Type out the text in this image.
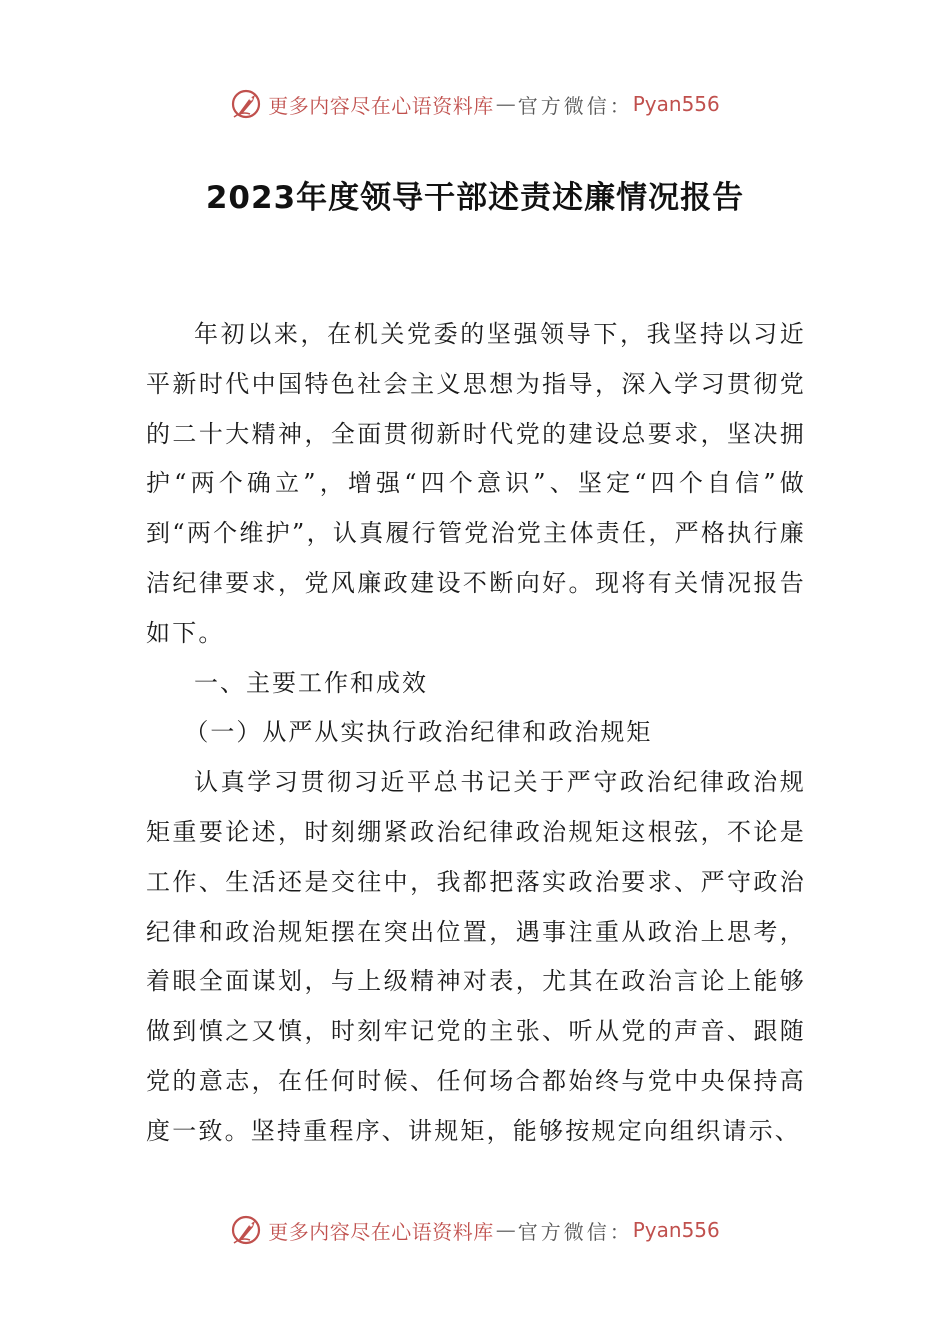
更多内容尽在心语资料库 — 官方微信： Pyan556
2023年度领导干部述责述廉情况报告

年初以来，在机关党委的坚强领导下，我坚持以习近平新时代中国特色社会主义思想为指导，深入学习贯彻党的二十大精神，全面贯彻新时代党的建设总要求，坚决拥护“两个确立”，增强“四个意识”、坚定“四个自信”做到“两个维护”，认真履行管党治党主体责任，严格执行廉洁纪律要求，党风廉政建设不断向好。现将有关情况报告如下。

一、主要工作和成效

（一）从严从实执行政治纪律和政治规矩

认真学习贯彻习近平总书记关于严守政治纪律政治规矩重要论述，时刻绷紧政治纪律政治规矩这根弦，不论是工作、生活还是交往中，我都把落实政治要求、严守政治纪律和政治规矩摆在突出位置，遇事注重从政治上思考，着眼全面谋划，与上级精神对表，尤其在政治言论上能够做到慎之又慎，时刻牢记党的主张、听从党的声音、跟随党的意志，在任何时候、任何场合都始终与党中央保持高度一致。坚持重程序、讲规矩，能够按规定向组织请示、

更多内容尽在心语资料库 — 官方微信： Pyan556
